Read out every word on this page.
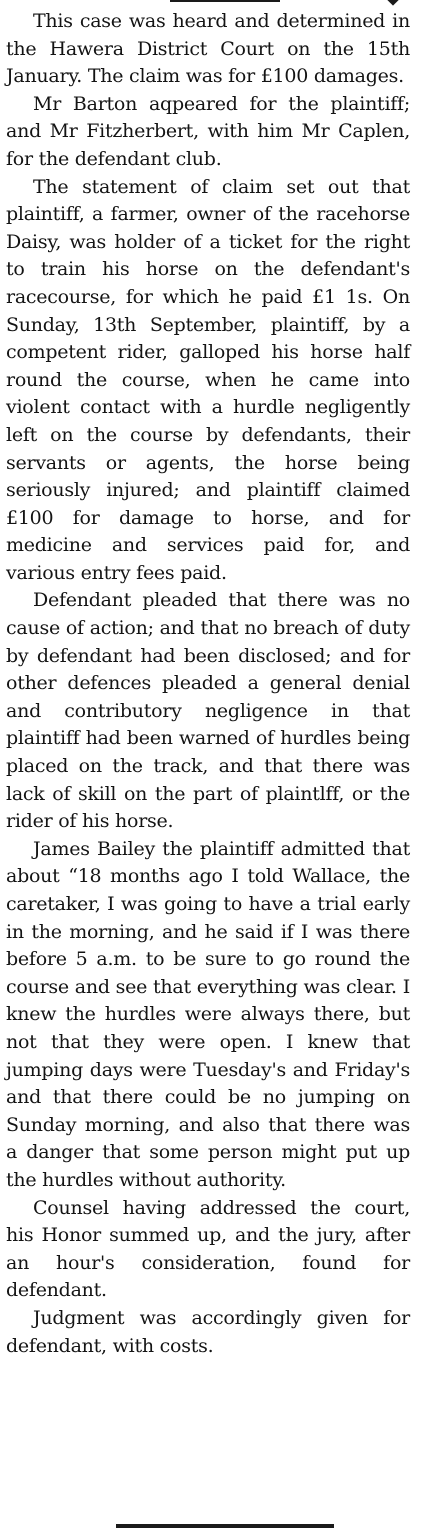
This case was heard and determined in the Hawera District Court on the 15th January. The claim was for £100 damages.

Mr Barton aqpeared for the plaintiff; and Mr Fitzherbert, with him Mr Caplen, for the defendant club.

The statement of claim set out that plaintiff, a farmer, owner of the racehorse Daisy, was holder of a ticket for the right to train his horse on the defendant's racecourse, for which he paid £1 1s. On Sunday, 13th September, plaintiff, by a competent rider, galloped his horse half round the course, when he came into violent contact with a hurdle negligently left on the course by defendants, their servants or agents, the horse being seriously injured; and plaintiff claimed £100 for damage to horse, and for medicine and services paid for, and various entry fees paid.

Defendant pleaded that there was no cause of action; and that no breach of duty by defendant had been disclosed; and for other defences pleaded a general denial and contributory negligence in that plaintiff had been warned of hurdles being placed on the track, and that there was lack of skill on the part of plaintlff, or the rider of his horse.

James Bailey the plaintiff admitted that about “18 months ago I told Wallace, the caretaker, I was going to have a trial early in the morning, and he said if I was there before 5 a.m. to be sure to go round the course and see that everything was clear. I knew the hurdles were always there, but not that they were open. I knew that jumping days were Tuesday's and Friday's and that there could be no jumping on Sunday morning, and also that there was a danger that some person might put up the hurdles without authority.

Counsel having addressed the court, his Honor summed up, and the jury, after an hour's consideration, found for defendant.

Judgment was accordingly given for defendant, with costs.
